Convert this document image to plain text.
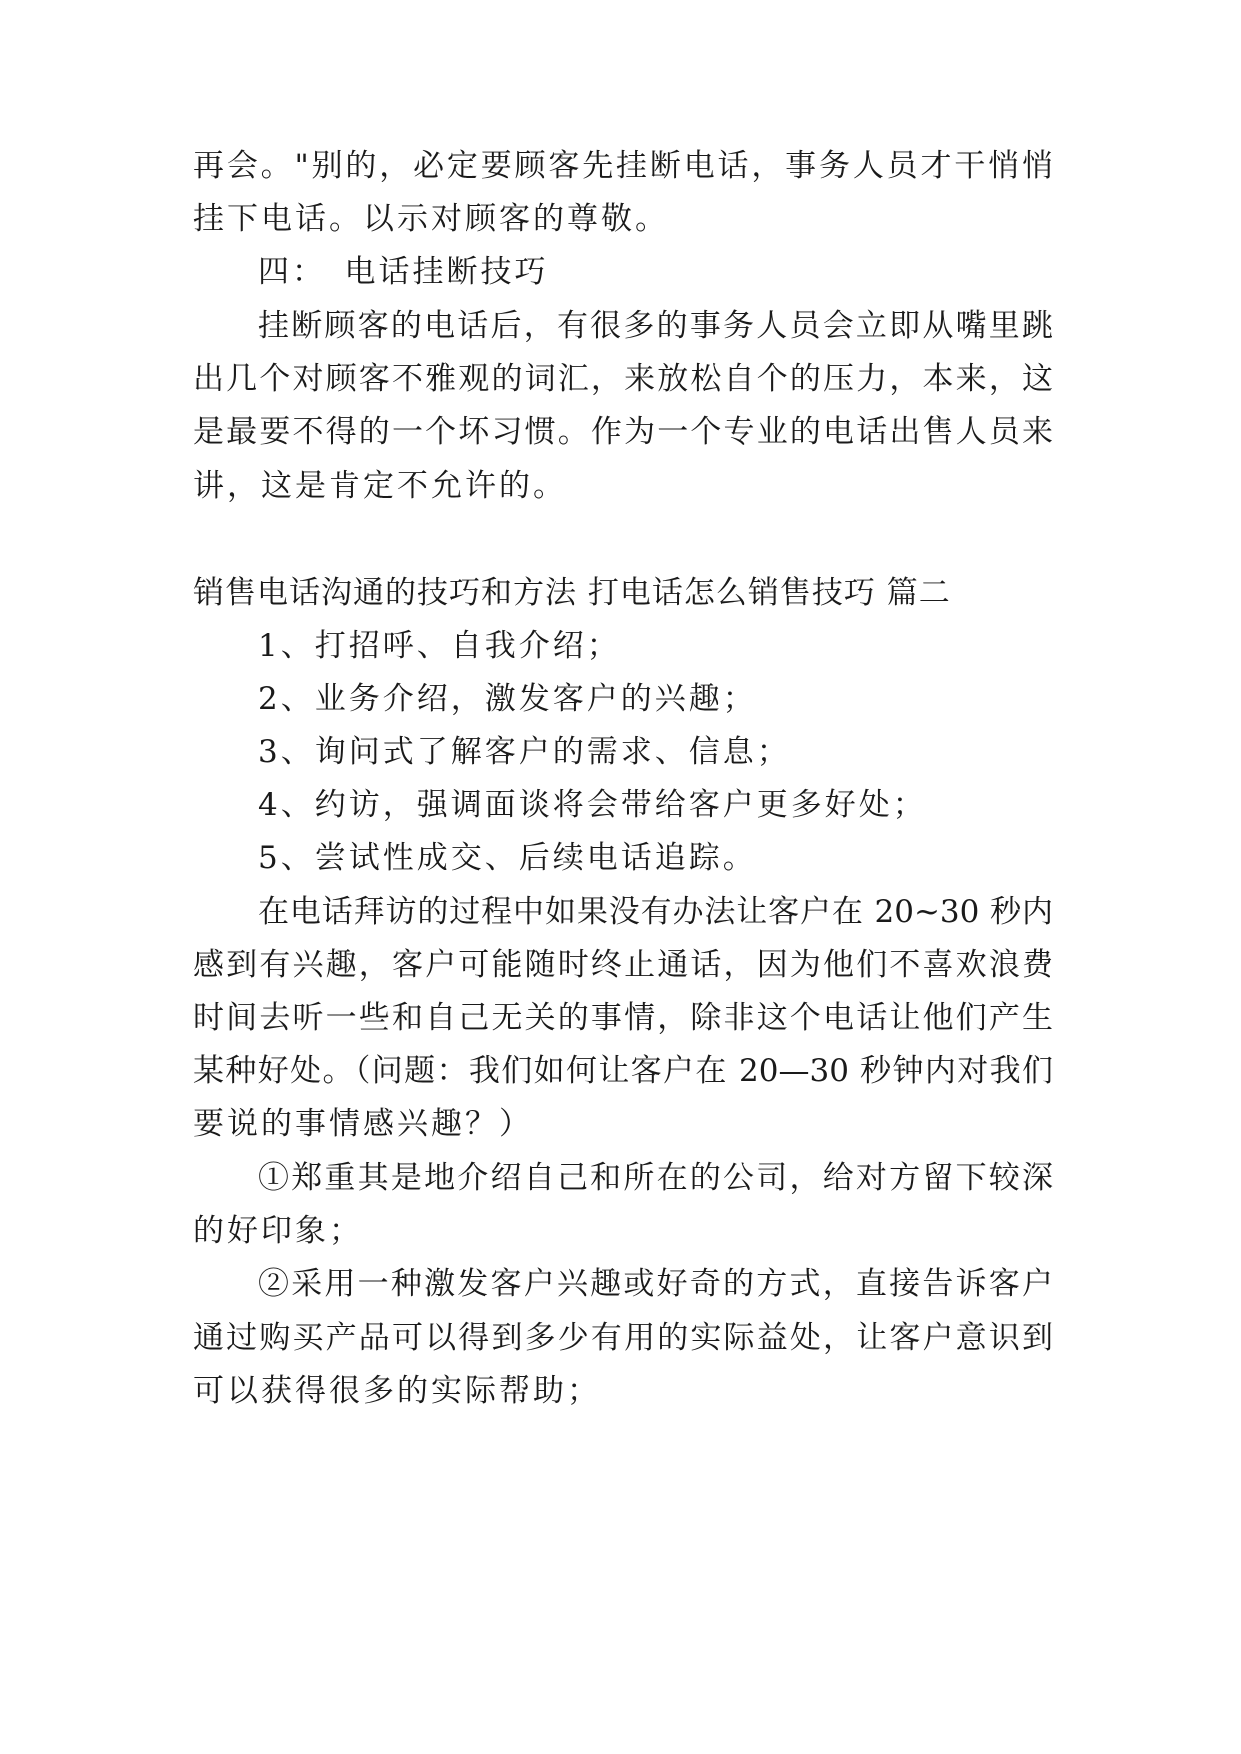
再会。"别的，必定要顾客先挂断电话，事务人员才干悄悄
挂下电话。以示对顾客的尊敬。
四：　电话挂断技巧
挂断顾客的电话后，有很多的事务人员会立即从嘴里跳
出几个对顾客不雅观的词汇，来放松自个的压力，本来，这
是最要不得的一个坏习惯。作为一个专业的电话出售人员来
讲，这是肯定不允许的。
销售电话沟通的技巧和方法 打电话怎么销售技巧 篇二
1、打招呼、自我介绍；
2、业务介绍，激发客户的兴趣；
3、询问式了解客户的需求、信息；
4、约访，强调面谈将会带给客户更多好处；
5、尝试性成交、后续电话追踪。
在电话拜访的过程中如果没有办法让客户在 20~30 秒内
感到有兴趣，客户可能随时终止通话，因为他们不喜欢浪费
时间去听一些和自己无关的事情，除非这个电话让他们产生
某种好处。（问题：我们如何让客户在 20—30 秒钟内对我们
要说的事情感兴趣？）
①郑重其是地介绍自己和所在的公司，给对方留下较深
的好印象；
②采用一种激发客户兴趣或好奇的方式，直接告诉客户
通过购买产品可以得到多少有用的实际益处，让客户意识到
可以获得很多的实际帮助；
